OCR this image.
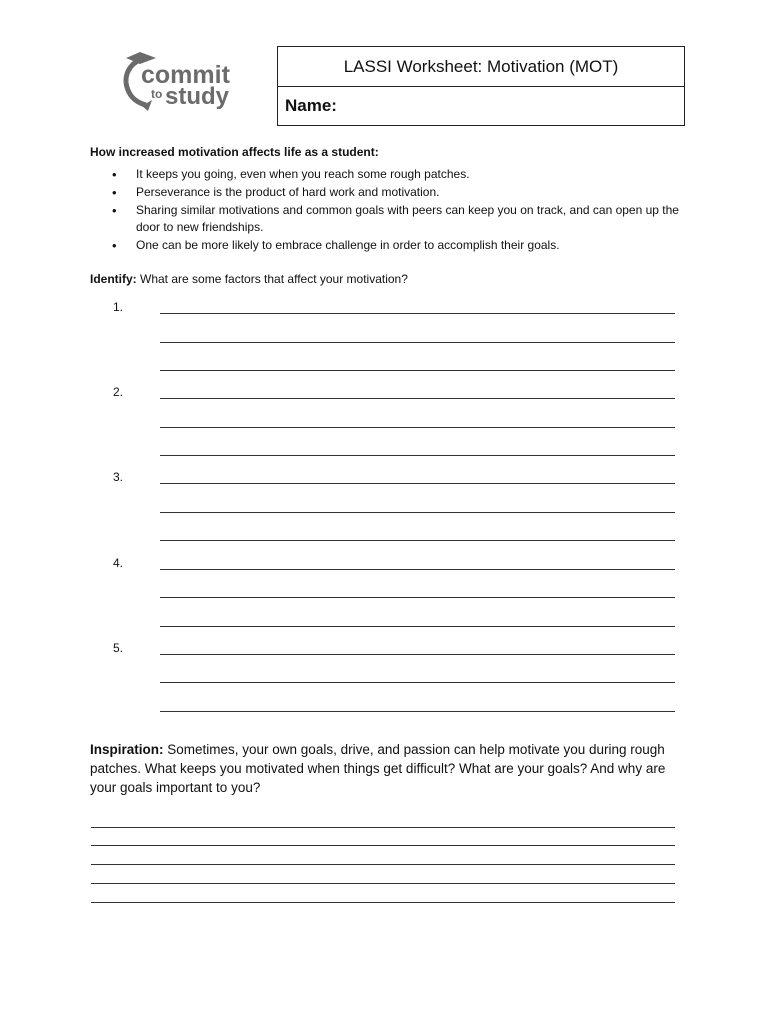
commit
to study
LASSI Worksheet: Motivation (MOT)
Name:
How increased motivation affects life as a student:
• It keeps you going, even when you reach some rough patches.
• Perseverance is the product of hard work and motivation.
• Sharing similar motivations and common goals with peers can keep you on track, and can open up the door to new friendships.
• One can be more likely to embrace challenge in order to accomplish their goals.
Identify: What are some factors that affect your motivation?
1.
2.
3.
4.
5.
Inspiration: Sometimes, your own goals, drive, and passion can help motivate you during rough patches. What keeps you motivated when things get difficult? What are your goals? And why are your goals important to you?
